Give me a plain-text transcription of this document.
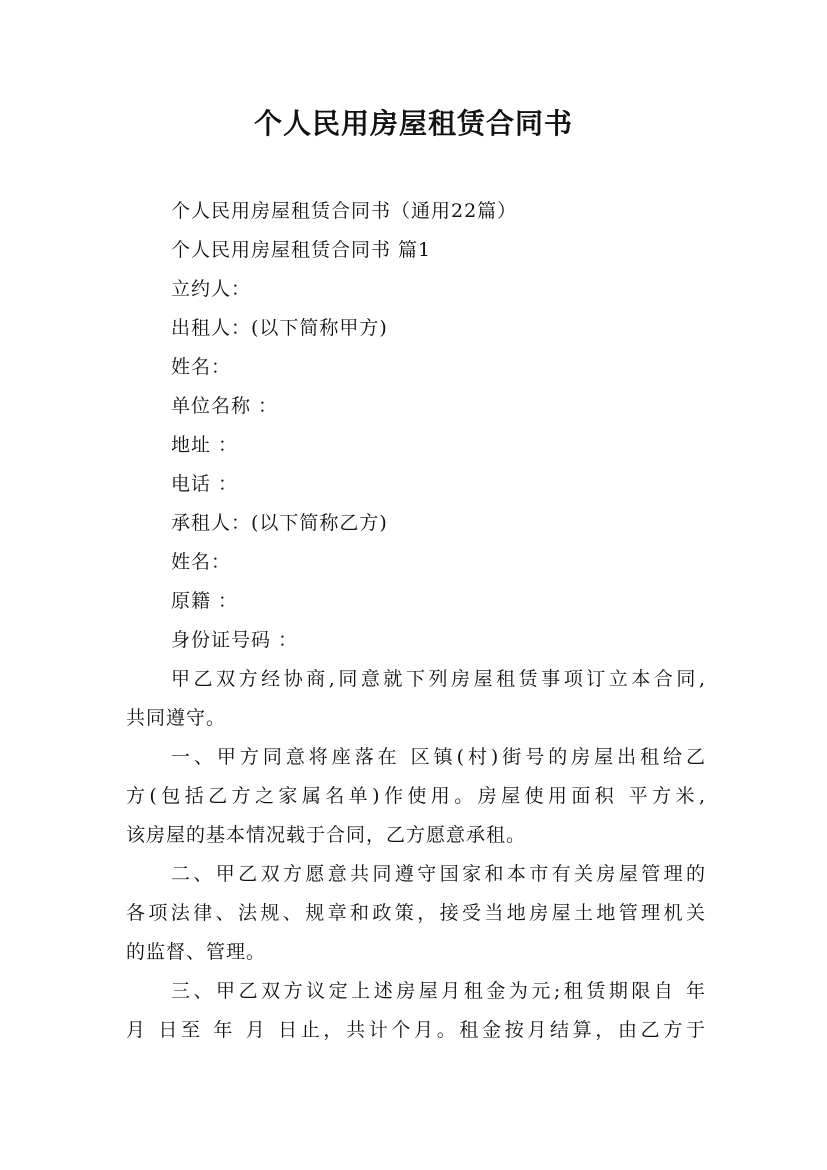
个人民用房屋租赁合同书
个人民用房屋租赁合同书（通用22篇）
个人民用房屋租赁合同书 篇1
立约人：
出租人：(以下简称甲方)
姓名：
单位名称 ：
地址 ：
电话 ：
承租人：(以下简称乙方)
姓名：
原籍 ：
身份证号码 ：

甲乙双方经协商,同意就下列房屋租赁事项订立本合同,
共同遵守。

一、甲方同意将座落在 区镇(村)街号的房屋出租给乙
方(包括乙方之家属名单)作使用。房屋使用面积 平方米,
该房屋的基本情况载于合同，乙方愿意承租。

二、甲乙双方愿意共同遵守国家和本市有关房屋管理的
各项法律、法规、规章和政策，接受当地房屋土地管理机关
的监督、管理。

三、甲乙双方议定上述房屋月租金为元;租赁期限自 年
月 日至 年 月 日止，共计个月。租金按月结算，由乙方于
